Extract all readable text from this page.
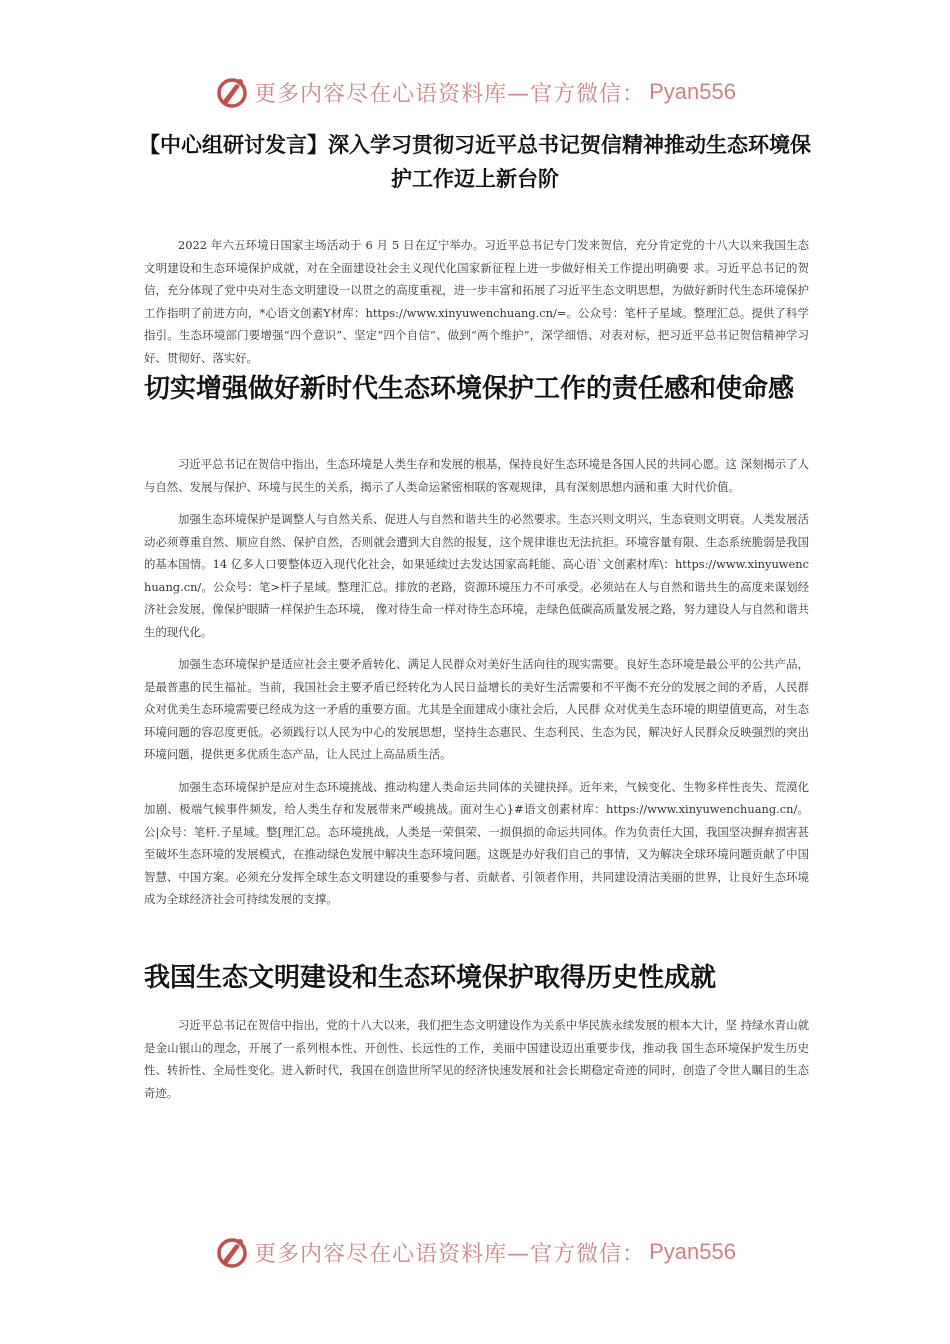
更多内容尽在心语资料库—官方微信： Pyan556
【中心组研讨发言】深入学习贯彻习近平总书记贺信精神推动生态环境保护工作迈上新台阶

2022 年六五环境日国家主场活动于 6 月 5 日在辽宁举办。习近平总书记专门发来贺信，充分肯定党的十八大以来我国生态文明建设和生态环境保护成就，对在全面建设社会主义现代化国家新征程上进一步做好相关工作提出明确要 求。习近平总书记的贺信，充分体现了党中央对生态文明建设一以贯之的高度重视，进一步丰富和拓展了习近平生态文明思想，为做好新时代生态环境保护工作指明了前进方向，*心语文创素Y材库：https://www.xinyuwenchuang.cn/=。公众号：笔杆子星域。整理汇总。提供了科学指引。生态环境部门要增强“四个意识”、坚定“四个自信”、做到“两个维护”，深学细悟、对表对标，把习近平总书记贺信精神学习好、贯彻好、落实好。

切实增强做好新时代生态环境保护工作的责任感和使命感

习近平总书记在贺信中指出，生态环境是人类生存和发展的根基，保持良好生态环境是各国人民的共同心愿。这 深刻揭示了人与自然、发展与保护、环境与民生的关系，揭示了人类命运紧密相联的客观规律，具有深刻思想内涵和重 大时代价值。

加强生态环境保护是调整人与自然关系、促进人与自然和谐共生的必然要求。生态兴则文明兴，生态衰则文明衰。人类发展活动必须尊重自然、顺应自然、保护自然，否则就会遭到大自然的报复，这个规律谁也无法抗拒。环境容量有限、生态系统脆弱是我国的基本国情。14 亿多人口要整体迈入现代化社会，如果延续过去发达国家高耗能、高心语`文创素材库\：https://www.xinyuwenchuang.cn/。公众号：笔>杆子星域。整理汇总。排放的老路，资源环境压力不可承受。必须站在人与自然和谐共生的高度来谋划经济社会发展，像保护眼睛一样保护生态环境， 像对待生命一样对待生态环境，走绿色低碳高质量发展之路，努力建设人与自然和谐共生的现代化。

加强生态环境保护是适应社会主要矛盾转化、满足人民群众对美好生活向往的现实需要。良好生态环境是最公平的公共产品，是最普惠的民生福祉。当前，我国社会主要矛盾已经转化为人民日益增长的美好生活需要和不平衡不充分的发展之间的矛盾，人民群众对优美生态环境需要已经成为这一矛盾的重要方面。尤其是全面建成小康社会后，人民群 众对优美生态环境的期望值更高，对生态环境问题的容忍度更低。必须践行以人民为中心的发展思想，坚持生态惠民、生态利民、生态为民，解决好人民群众反映强烈的突出环境问题，提供更多优质生态产品，让人民过上高品质生活。

加强生态环境保护是应对生态环境挑战、推动构建人类命运共同体的关键抉择。近年来，气候变化、生物多样性丧失、荒漠化加剧、极端气候事件频发，给人类生存和发展带来严峻挑战。面对生心}#语文创素材库：https://www.xinyuwenchuang.cn/。公|众号：笔杆.子星域。整[理汇总。态环境挑战，人类是一荣俱荣、一损俱损的命运共同体。作为负责任大国，我国坚决摒弃损害甚至破坏生态环境的发展模式，在推动绿色发展中解决生态环境问题。这既是办好我们自己的事情，又为解决全球环境问题贡献了中国智慧、中国方案。必须充分发挥全球生态文明建设的重要参与者、贡献者、引领者作用，共同建设清洁美丽的世界，让良好生态环境成为全球经济社会可持续发展的支撑。

我国生态文明建设和生态环境保护取得历史性成就

习近平总书记在贺信中指出，党的十八大以来，我们把生态文明建设作为关系中华民族永续发展的根本大计，坚 持绿水青山就是金山银山的理念，开展了一系列根本性、开创性、长远性的工作，美丽中国建设迈出重要步伐，推动我 国生态环境保护发生历史性、转折性、全局性变化。进入新时代，我国在创造世所罕见的经济快速发展和社会长期稳定奇迹的同时，创造了令世人瞩目的生态奇迹。

更多内容尽在心语资料库—官方微信： Pyan556
